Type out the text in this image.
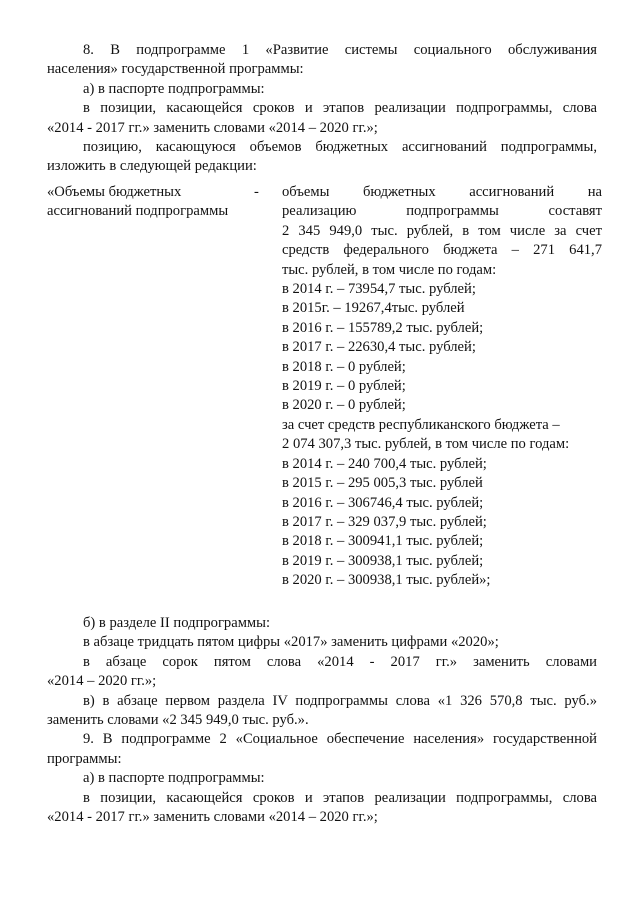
8. В подпрограмме 1 «Развитие системы социального обслуживания

населения» государственной программы:

а) в паспорте подпрограммы:

в позиции, касающейся сроков и этапов реализации подпрограммы, слова

«2014 - 2017 гг.» заменить словами «2014 – 2020 гг.»;

позицию, касающуюся объемов бюджетных ассигнований подпрограммы,

изложить в следующей редакции:

«Объемы бюджетных

ассигнований подпрограммы

- объемы бюджетных ассигнований на

реализацию подпрограммы составят

2 345 949,0 тыс. рублей, в том числе за счет

средств федерального бюджета – 271 641,7

тыс. рублей, в том числе по годам:

в 2014 г. – 73954,7 тыс. рублей;

в 2015г. – 19267,4тыс. рублей

в 2016 г. – 155789,2 тыс. рублей;

в 2017 г. – 22630,4 тыс. рублей;

в 2018 г. – 0 рублей;

в 2019 г. – 0 рублей;

в 2020 г. – 0 рублей;

за счет средств республиканского бюджета –

2 074 307,3 тыс. рублей, в том числе по годам:

в 2014 г. – 240 700,4 тыс. рублей;

в 2015 г. – 295 005,3 тыс. рублей

в 2016 г. – 306746,4 тыс. рублей;

в 2017 г. – 329 037,9 тыс. рублей;

в 2018 г. – 300941,1 тыс. рублей;

в 2019 г. – 300938,1 тыс. рублей;

в 2020 г. – 300938,1 тыс. рублей»;

б) в разделе II подпрограммы:

в абзаце тридцать пятом цифры «2017» заменить цифрами «2020»;

в абзаце сорок пятом слова «2014 - 2017 гг.» заменить словами

«2014 – 2020 гг.»;

в) в абзаце первом раздела IV подпрограммы слова «1 326 570,8 тыс. руб.»

заменить словами «2 345 949,0 тыс. руб.».

9. В подпрограмме 2 «Социальное обеспечение населения» государственной

программы:

а) в паспорте подпрограммы:

в позиции, касающейся сроков и этапов реализации подпрограммы, слова

«2014 - 2017 гг.» заменить словами «2014 – 2020 гг.»;
